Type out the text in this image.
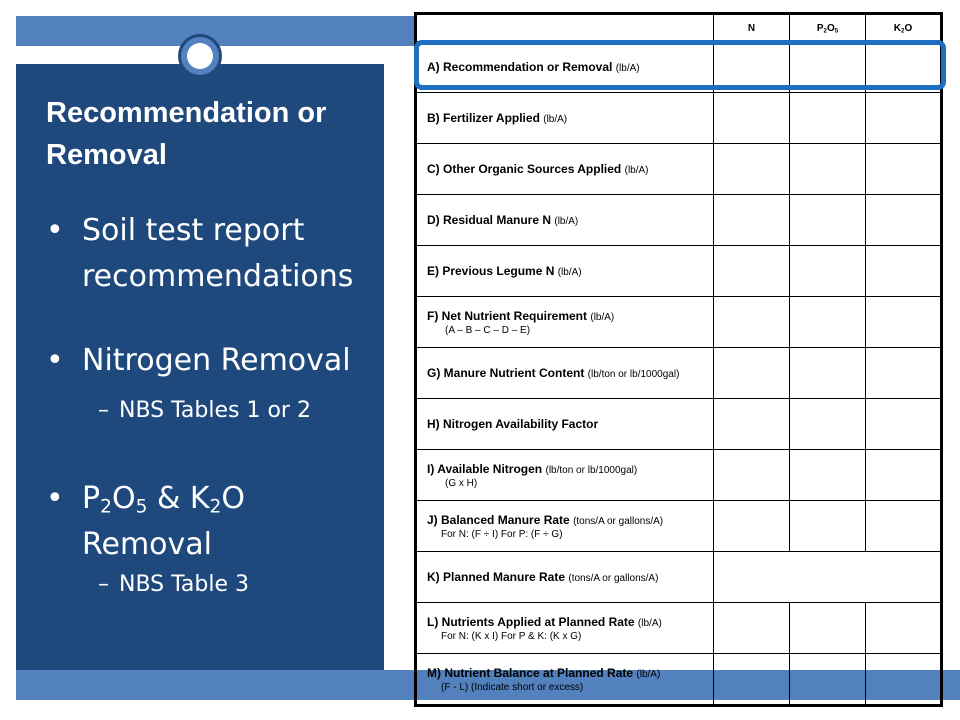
Recommendation or Removal
• Soil test report recommendations
• Nitrogen Removal
– NBS Tables 1 or 2
• $P_2O_5$ & $K_2O$ Removal
– NBS Table 3
	N	$P_2O_5$	$K_2O$
A) Recommendation or Removal (lb/A)			
B) Fertilizer Applied (lb/A)			
C) Other Organic Sources Applied (lb/A)			
D) Residual Manure N (lb/A)			
E) Previous Legume N (lb/A)			
F) Net Nutrient Requirement (lb/A)
(A – B – C – D – E)			

G) Manure Nutrient Content (lb/ton or lb/1000gal)			
H) Nitrogen Availability Factor			
I) Available Nitrogen (lb/ton or lb/1000gal)
(G x H)			

J) Balanced Manure Rate (tons/A or gallons/A)
For N: (F ÷ I) For P: (F ÷ G)			

K) Planned Manure Rate (tons/A or gallons/A)			
L) Nutrients Applied at Planned Rate (lb/A)
For N: (K x I) For P & K: (K x G)			

M) Nutrient Balance at Planned Rate (lb/A)
(F - L) (Indicate short or excess)			
